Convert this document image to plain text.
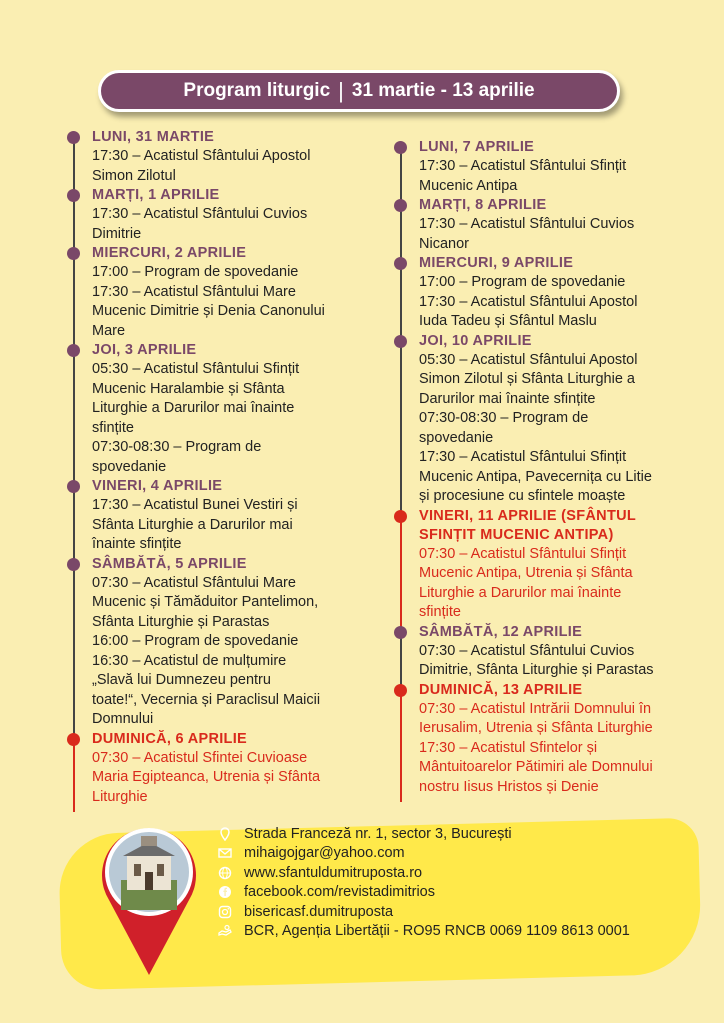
Program liturgic | 31 martie - 13 aprilie
LUNI, 31 MARTIE
17:30 – Acatistul Sfântului Apostol
Simon Zilotul
MARȚI, 1 APRILIE
17:30 – Acatistul Sfântului Cuvios
Dimitrie
MIERCURI, 2 APRILIE
17:00 – Program de spovedanie
17:30 – Acatistul Sfântului Mare
Mucenic Dimitrie și Denia Canonului
Mare
JOI, 3 APRILIE
05:30 – Acatistul Sfântului Sfințit
Mucenic Haralambie și Sfânta
Liturghie a Darurilor mai înainte
sfințite
07:30-08:30 – Program de
spovedanie
VINERI, 4 APRILIE
17:30 – Acatistul Bunei Vestiri și
Sfânta Liturghie a Darurilor mai
înainte sfințite
SÂMBĂTĂ, 5 APRILIE
07:30 – Acatistul Sfântului Mare
Mucenic și Tămăduitor Pantelimon,
Sfânta Liturghie și Parastas
16:00 – Program de spovedanie
16:30 – Acatistul de mulțumire
„Slavă lui Dumnezeu pentru
toate!“, Vecernia și Paraclisul Maicii
Domnului
DUMINICĂ, 6 APRILIE
07:30 – Acatistul Sfintei Cuvioase
Maria Egipteanca, Utrenia și Sfânta
Liturghie
LUNI, 7 APRILIE
17:30 – Acatistul Sfântului Sfințit
Mucenic Antipa
MARȚI, 8 APRILIE
17:30 – Acatistul Sfântului Cuvios
Nicanor
MIERCURI, 9 APRILIE
17:00 – Program de spovedanie
17:30 – Acatistul Sfântului Apostol
Iuda Tadeu și Sfântul Maslu
JOI, 10 APRILIE
05:30 – Acatistul Sfântului Apostol
Simon Zilotul și Sfânta Liturghie a
Darurilor mai înainte sfințite
07:30-08:30 – Program de
spovedanie
17:30 – Acatistul Sfântului Sfințit
Mucenic Antipa, Pavecernița cu Litie
și procesiune cu sfintele moaște
VINERI, 11 APRILIE (SFÂNTUL
SFINȚIT MUCENIC ANTIPA)
07:30 – Acatistul Sfântului Sfințit
Mucenic Antipa, Utrenia și Sfânta
Liturghie a Darurilor mai înainte
sfințite
SÂMBĂTĂ, 12 APRILIE
07:30 – Acatistul Sfântului Cuvios
Dimitrie, Sfânta Liturghie și Parastas
DUMINICĂ, 13 APRILIE
07:30 – Acatistul Intrării Domnului în
Ierusalim, Utrenia și Sfânta Liturghie
17:30 – Acatistul Sfintelor și
Mântuitoarelor Pătimiri ale Domnului
nostru Iisus Hristos și Denie
Strada Franceză nr. 1, sector 3, București
mihaigojgar@yahoo.com
www.sfantuldumitruposta.ro
facebook.com/revistadimitrios
bisericasf.dumitruposta
BCR, Agenția Libertății - RO95 RNCB 0069 1109 8613 0001
